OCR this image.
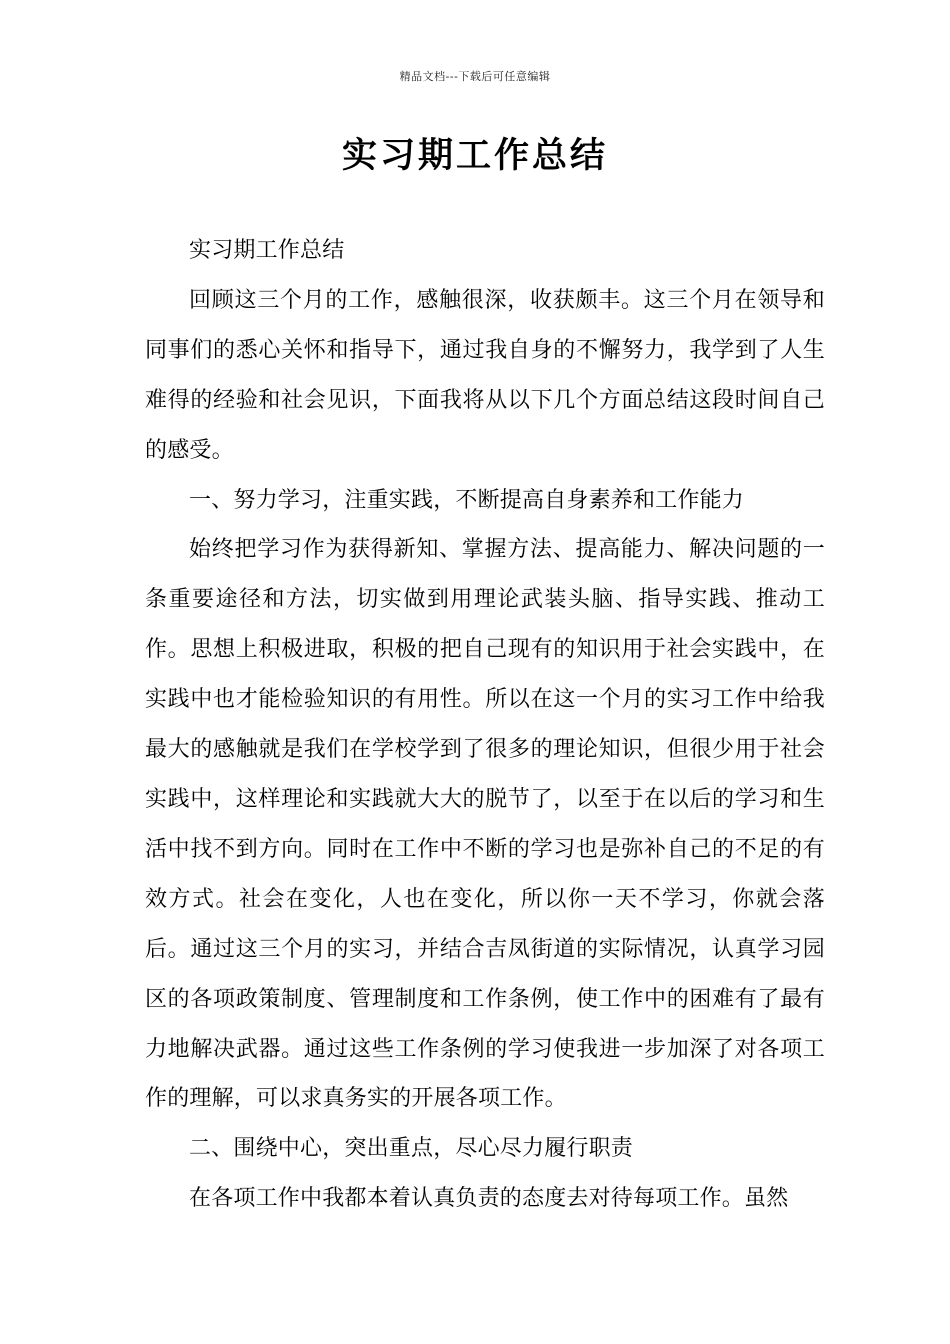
精品文档---下载后可任意编辑
实习期工作总结

实习期工作总结

回顾这三个月的工作，感触很深，收获颇丰。这三个月在领导和同事们的悉心关怀和指导下，通过我自身的不懈努力，我学到了人生难得的经验和社会见识，下面我将从以下几个方面总结这段时间自己的感受。

一、努力学习，注重实践，不断提高自身素养和工作能力

始终把学习作为获得新知、掌握方法、提高能力、解决问题的一条重要途径和方法，切实做到用理论武装头脑、指导实践、推动工作。思想上积极进取，积极的把自己现有的知识用于社会实践中，在实践中也才能检验知识的有用性。所以在这一个月的实习工作中给我最大的感触就是我们在学校学到了很多的理论知识，但很少用于社会实践中，这样理论和实践就大大的脱节了，以至于在以后的学习和生活中找不到方向。同时在工作中不断的学习也是弥补自己的不足的有效方式。社会在变化，人也在变化，所以你一天不学习，你就会落后。通过这三个月的实习，并结合吉凤街道的实际情况，认真学习园区的各项政策制度、管理制度和工作条例，使工作中的困难有了最有力地解决武器。通过这些工作条例的学习使我进一步加深了对各项工作的理解，可以求真务实的开展各项工作。

二、围绕中心，突出重点，尽心尽力履行职责

在各项工作中我都本着认真负责的态度去对待每项工作。虽然
